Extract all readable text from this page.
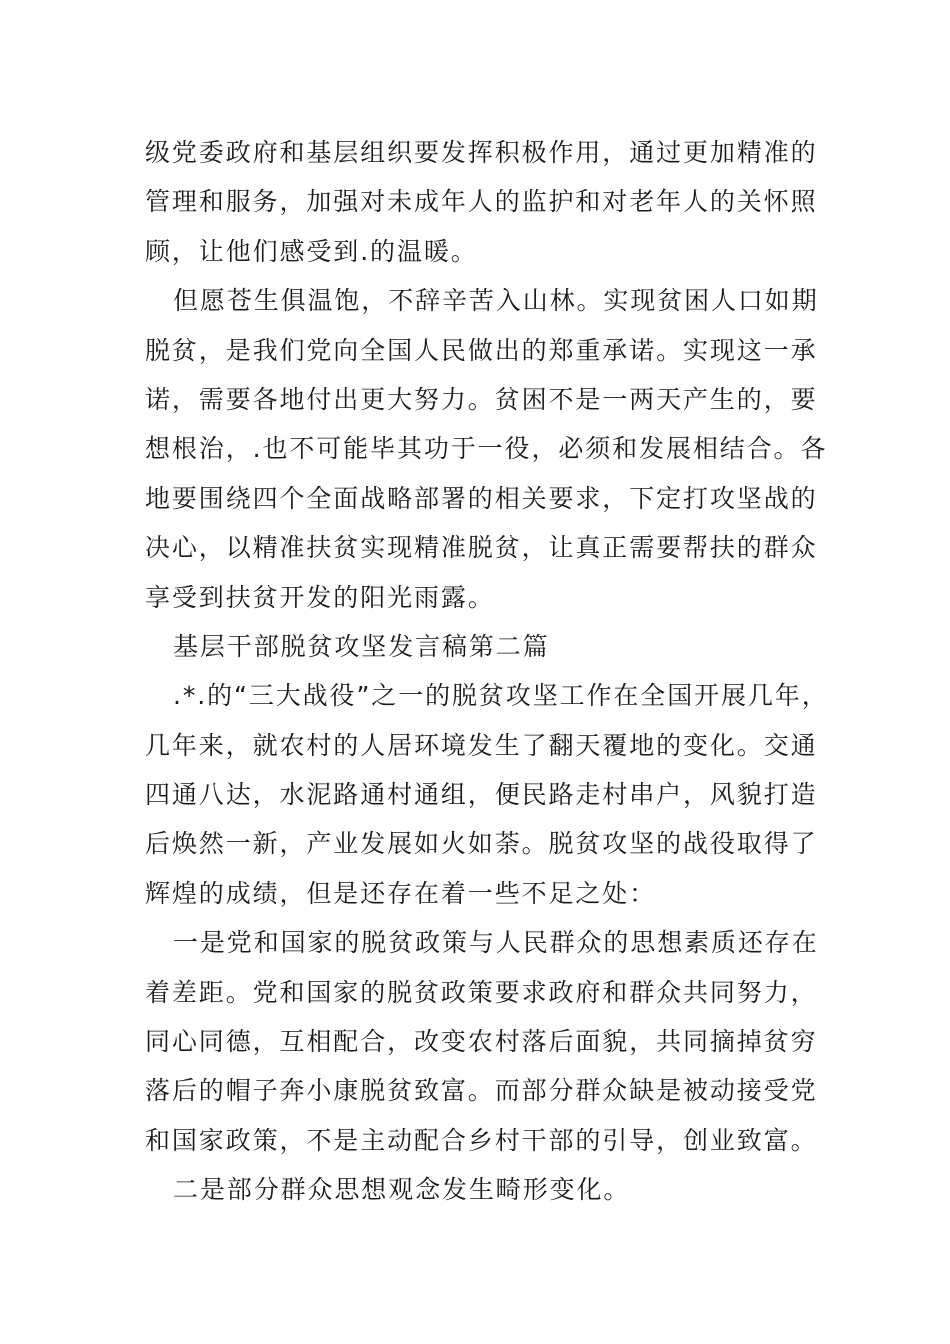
级党委政府和基层组织要发挥积极作用，通过更加精准的
管理和服务，加强对未成年人的监护和对老年人的关怀照
顾，让他们感受到.的温暖。
但愿苍生俱温饱，不辞辛苦入山林。实现贫困人口如期
脱贫，是我们党向全国人民做出的郑重承诺。实现这一承
诺，需要各地付出更大努力。贫困不是一两天产生的，要
想根治，.也不可能毕其功于一役，必须和发展相结合。各
地要围绕四个全面战略部署的相关要求，下定打攻坚战的
决心，以精准扶贫实现精准脱贫，让真正需要帮扶的群众
享受到扶贫开发的阳光雨露。
基层干部脱贫攻坚发言稿第二篇
.*.的“三大战役”之一的脱贫攻坚工作在全国开展几年，
几年来，就农村的人居环境发生了翻天覆地的变化。交通
四通八达，水泥路通村通组，便民路走村串户，风貌打造
后焕然一新，产业发展如火如荼。脱贫攻坚的战役取得了
辉煌的成绩，但是还存在着一些不足之处：
一是党和国家的脱贫政策与人民群众的思想素质还存在
着差距。党和国家的脱贫政策要求政府和群众共同努力，
同心同德，互相配合，改变农村落后面貌，共同摘掉贫穷
落后的帽子奔小康脱贫致富。而部分群众缺是被动接受党
和国家政策，不是主动配合乡村干部的引导，创业致富。
二是部分群众思想观念发生畸形变化。
